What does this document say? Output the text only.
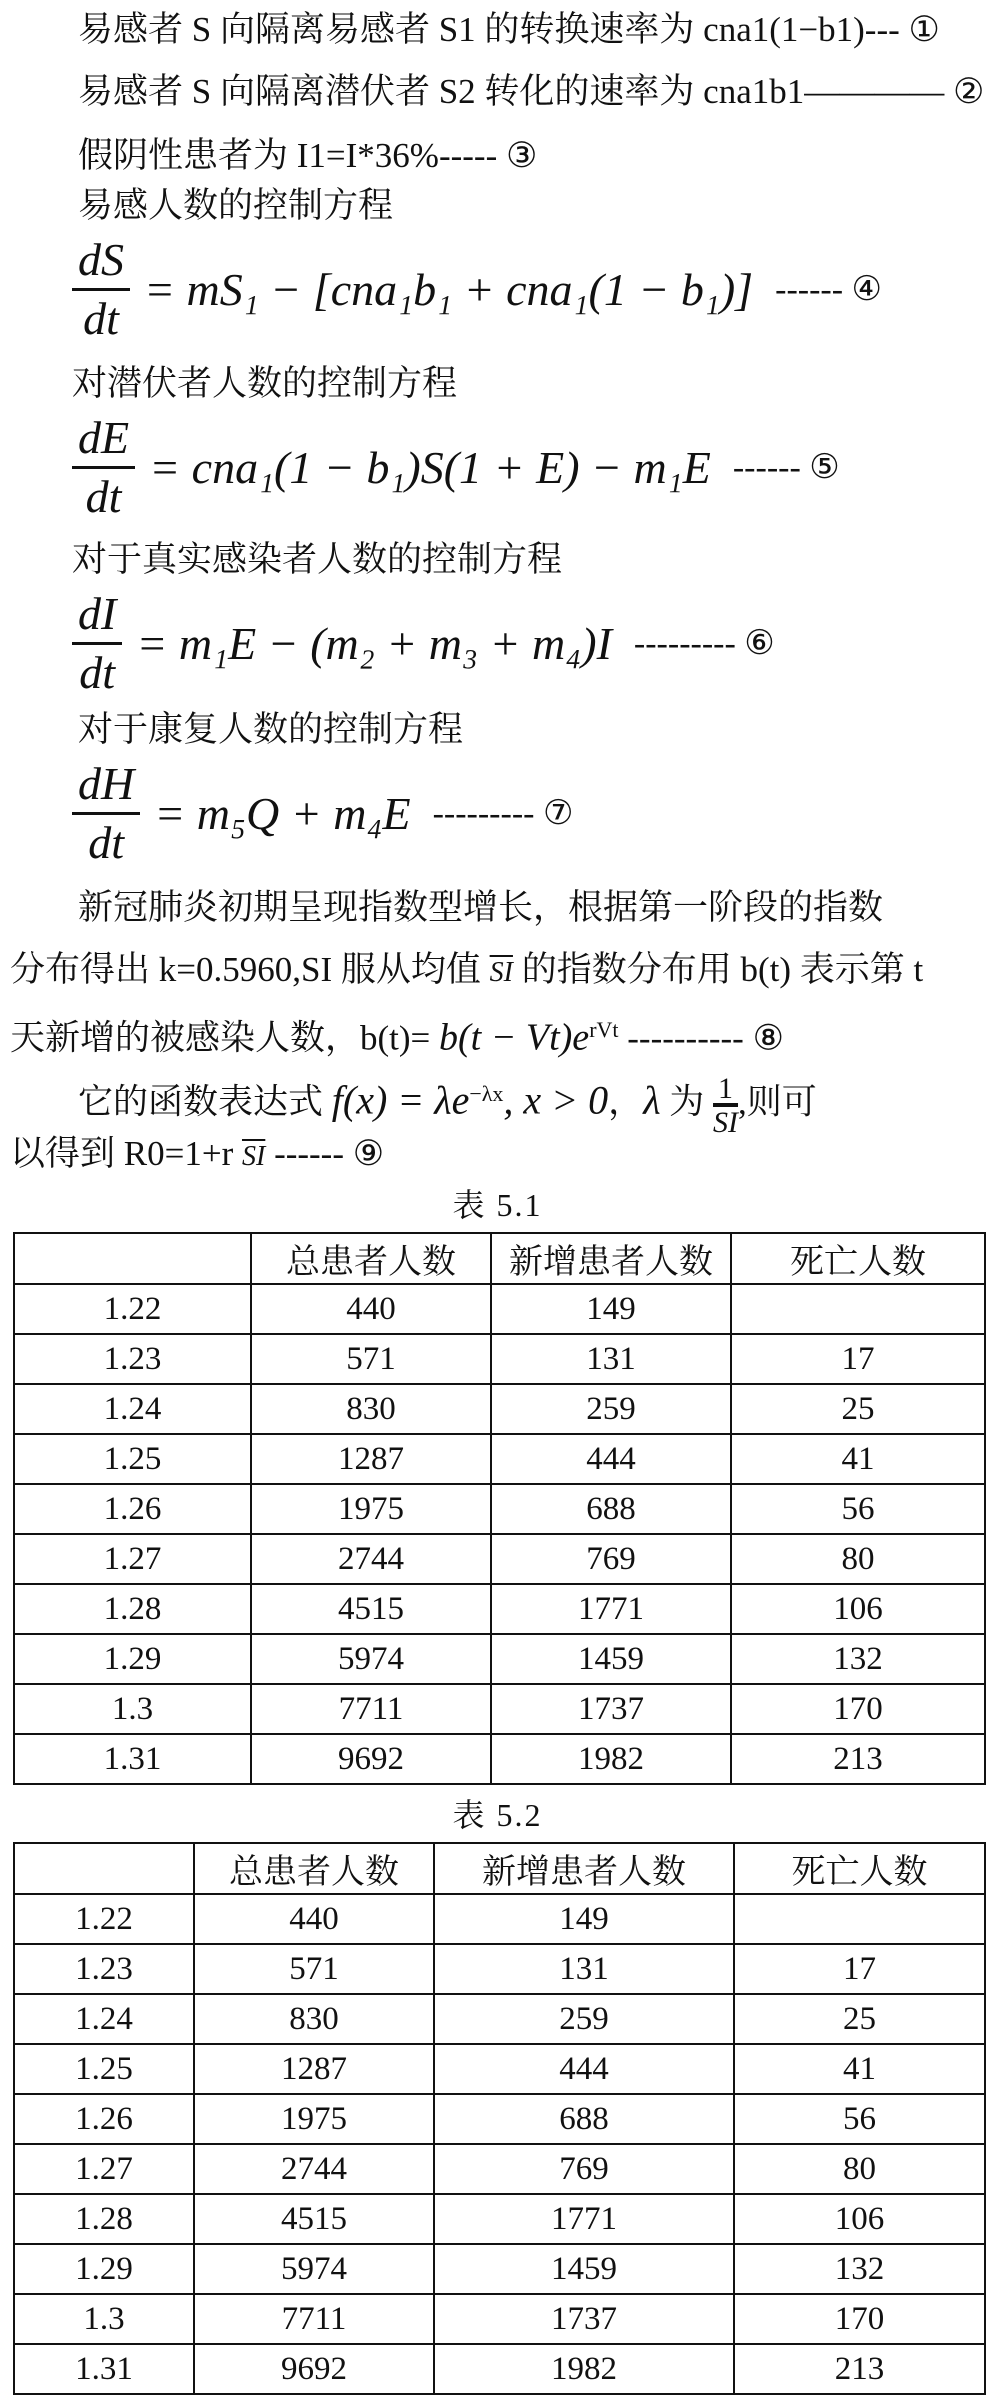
易感者 S 向隔离易感者 S1 的转换速率为 cna1(1−b1)--- ①
易感者 S 向隔离潜伏者 S2 转化的速率为 cna1b1———— ②
假阴性患者为 I1=I*36%----- ③
易感人数的控制方程
$\frac{dS}{dt} = mS_1 - [cna_1b_1 + cna_1(1 - b_1)]$ ------ ④
对潜伏者人数的控制方程
$\frac{dE}{dt} = cna_1(1 - b_1)S(1 + E) - m_1E$ ------ ⑤
对于真实感染者人数的控制方程
$\frac{dI}{dt} = m_1E - (m_2 + m_3 + m_4)I$ --------- ⑥
对于康复人数的控制方程
$\frac{dH}{dt} = m_5Q + m_4E$ --------- ⑦
新冠肺炎初期呈现指数型增长，根据第一阶段的指数
分布得出 k=0.5960,SI 服从均值 $\overline{SI}$ 的指数分布用 b(t) 表示第 t
天新增的被感染人数，$b(t)= b(t - Vt)e^{rVt}$ ---------- ⑧
它的函数表达式 $f(x) = \lambda e^{-\lambda x}$, x > 0，λ 为 $\frac{1}{SI}$ ,则可
以得到 R0=1+r $\overline{SI}$ ------ ⑨
表 5.1
	总患者人数	新增患者人数	死亡人数
1.22	440	149	
1.23	571	131	17
1.24	830	259	25
1.25	1287	444	41
1.26	1975	688	56
1.27	2744	769	80
1.28	4515	1771	106
1.29	5974	1459	132
1.3	7711	1737	170
1.31	9692	1982	213
表 5.2
	总患者人数	新增患者人数	死亡人数
1.22	440	149	
1.23	571	131	17
1.24	830	259	25
1.25	1287	444	41
1.26	1975	688	56
1.27	2744	769	80
1.28	4515	1771	106
1.29	5974	1459	132
1.3	7711	1737	170
1.31	9692	1982	213
